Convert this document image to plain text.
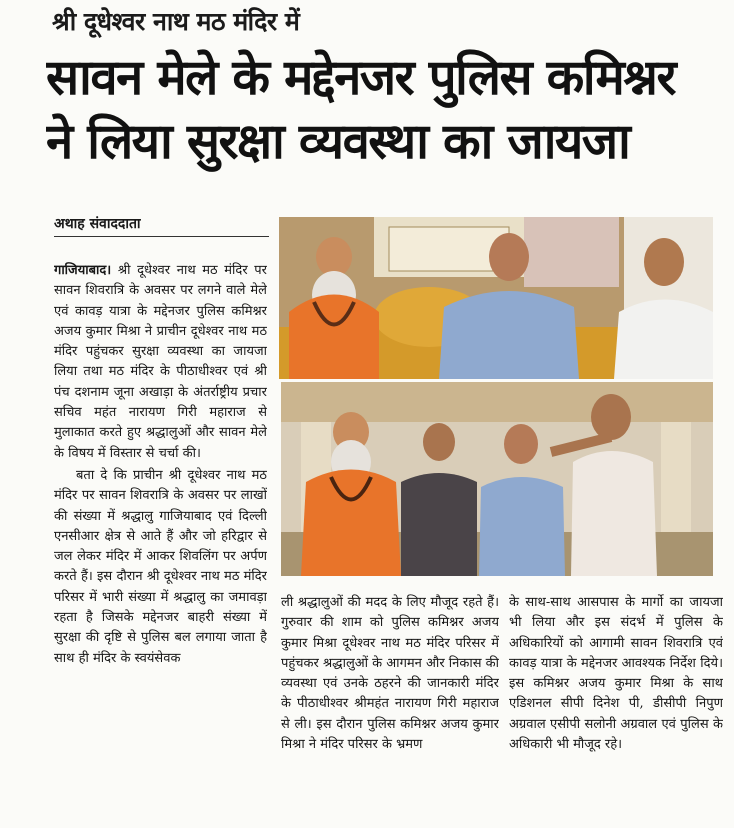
श्री दूधेश्वर नाथ मठ मंदिर में
सावन मेले के मद्देनजर पुलिस कमिश्नर
ने लिया सुरक्षा व्यवस्था का जायजा
अथाह संवाददाता

गाजियाबाद। श्री दूधेश्वर नाथ मठ मंदिर पर सावन शिवरात्रि के अवसर पर लगने वाले मेले एवं कावड़ यात्रा के मद्देनजर पुलिस कमिश्नर अजय कुमार मिश्रा ने प्राचीन दूधेश्वर नाथ मठ मंदिर पहुंचकर सुरक्षा व्यवस्था का जायजा लिया तथा मठ मंदिर के पीठाधीश्वर एवं श्री पंच दशनाम जूना अखाड़ा के अंतर्राष्ट्रीय प्रचार सचिव महंत नारायण गिरी महाराज से मुलाकात करते हुए श्रद्धालुओं और सावन मेले के विषय में विस्तार से चर्चा की।

बता दे कि प्राचीन श्री दूधेश्वर नाथ मठ मंदिर पर सावन शिवरात्रि के अवसर पर लाखों की संख्या में श्रद्धालु गाजियाबाद एवं दिल्ली एनसीआर क्षेत्र से आते हैं और जो हरिद्वार से जल लेकर मंदिर में आकर शिवलिंग पर अर्पण करते हैं। इस दौरान श्री दूधेश्वर नाथ मठ मंदिर परिसर में भारी संख्या में श्रद्धालु का जमावड़ा रहता है जिसके मद्देनजर बाहरी संख्या में सुरक्षा की दृष्टि से पुलिस बल लगाया जाता है साथ ही मंदिर के स्वयंसेवक

ली श्रद्धालुओं की मदद के लिए मौजूद रहते हैं। गुरुवार की शाम को पुलिस कमिश्नर अजय कुमार मिश्रा दूधेश्वर नाथ मठ मंदिर परिसर में पहुंचकर श्रद्धालुओं के आगमन और निकास की व्यवस्था एवं उनके ठहरने की जानकारी मंदिर के पीठाधीश्वर श्रीमहंत नारायण गिरी महाराज से ली। इस दौरान पुलिस कमिश्नर अजय कुमार मिश्रा ने मंदिर परिसर के भ्रमण
के साथ-साथ आसपास के मार्गो का जायजा भी लिया और इस संदर्भ में पुलिस के अधिकारियों को आगामी सावन शिवरात्रि एवं कावड़ यात्रा के मद्देनजर आवश्यक निर्देश दिये। इस कमिश्नर अजय कुमार मिश्रा के साथ एडिशनल सीपी दिनेश पी, डीसीपी निपुण अग्रवाल एसीपी सलोनी अग्रवाल एवं पुलिस के अधिकारी भी मौजूद रहे।
